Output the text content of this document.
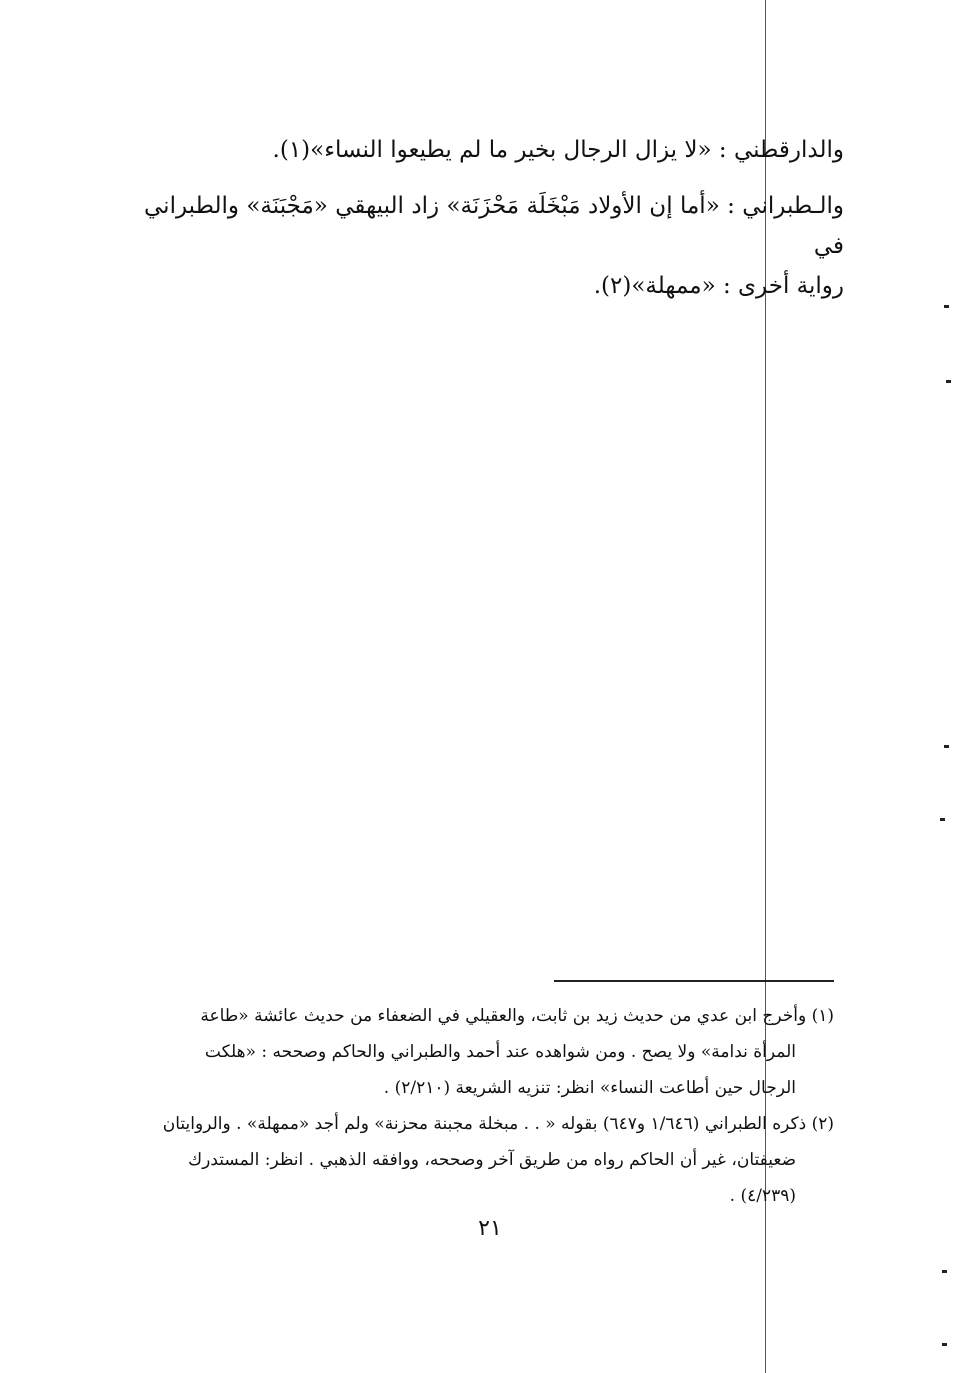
والدارقطني : «لا يزال الرجال بخير ما لم يطيعوا النساء»(١).

والـطبراني : «أما إن الأولاد مَبْخَلَة مَحْزَنَة» زاد البيهقي «مَجْبَنَة» والطبراني في

رواية أخرى : «ممهلة»(٢).

(١) وأخرج ابن عدي من حديث زيد بن ثابت، والعقيلي في الضعفاء من حديث عائشة «طاعة

المرأة ندامة» ولا يصح . ومن شواهده عند أحمد والطبراني والحاكم وصححه : «هلكت

الرجال حين أطاعت النساء» انظر: تنزيه الشريعة (٢/٢١٠) .

(٢) ذكره الطبراني (١/٦٤٦ و٦٤٧) بقوله « . . مبخلة مجبنة محزنة» ولم أجد «ممهلة» . والروايتان

ضعيفتان، غير أن الحاكم رواه من طريق آخر وصححه، ووافقه الذهبي . انظر: المستدرك

(٤/٢٣٩) .

٢١
